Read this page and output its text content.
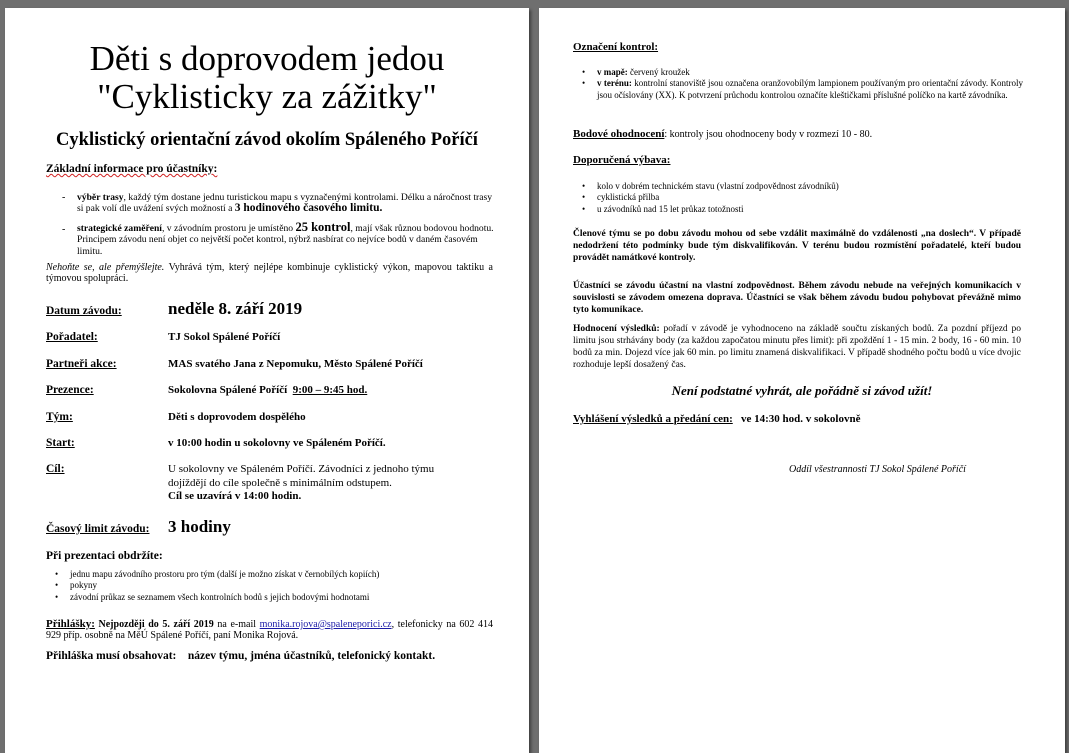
Děti s doprovodem jedou
"Cyklisticky za zážitky"
Cyklistický orientační závod okolím Spáleného Poříčí
Základní informace pro účastníky:
- výběr trasy, každý tým dostane jednu turistickou mapu s vyznačenými kontrolami. Délku a náročnost trasy si pak volí dle uvážení svých možností a 3 hodinového časového limitu.
- strategické zaměření, v závodním prostoru je umístěno 25 kontrol, mají však různou bodovou hodnotu. Principem závodu není objet co největší počet kontrol, nýbrž nasbírat co nejvíce bodů v daném časovém limitu.
Nehoňte se, ale přemýšlejte. Vyhrává tým, který nejlépe kombinuje cyklistický výkon, mapovou taktiku a týmovou spolupráci.
Datum závodu:	neděle 8. září 2019
Pořadatel:	TJ Sokol Spálené Poříčí
Partneři akce:	MAS svatého Jana z Nepomuku, Město Spálené Poříčí
Prezence:	Sokolovna Spálené Poříčí 9:00 – 9:45 hod.
Tým:	Děti s doprovodem dospělého
Start:	v 10:00 hodin u sokolovny ve Spáleném Poříčí.
Cíl:	U sokolovny ve Spáleném Poříčí. Závodníci z jednoho týmu
dojíždějí do cíle společně s minimálním odstupem.
Cíl se uzavírá v 14:00 hodin.
Časový limit závodu: 3 hodiny
Při prezentaci obdržíte:
• jednu mapu závodního prostoru pro tým (další je možno získat v černobílých kopiích)
• pokyny
• závodní průkaz se seznamem všech kontrolních bodů s jejich bodovými hodnotami
Přihlášky: Nejpozději do 5. září 2019 na e-mail monika.rojova@spaleneporici.cz, telefonicky na 602 414 929 příp. osobně na MěÚ Spálené Poříčí, paní Monika Rojová.
Přihláška musí obsahovat: název týmu, jména účastníků, telefonický kontakt.
Označení kontrol:
• v mapě: červený kroužek
• v terénu: kontrolní stanoviště jsou označena oranžovobílým lampionem používaným pro orientační závody. Kontroly jsou očíslovány (XX). K potvrzení průchodu kontrolou označíte kleštičkami příslušné políčko na kartě závodníka.
Bodové ohodnocení: kontroly jsou ohodnoceny body v rozmezí 10 - 80.
Doporučená výbava:
• kolo v dobrém technickém stavu (vlastní zodpovědnost závodníků)
• cyklistická přilba
• u závodníků nad 15 let průkaz totožnosti
Členové týmu se po dobu závodu mohou od sebe vzdálit maximálně do vzdálenosti „na doslech“. V případě nedodržení této podmínky bude tým diskvalifikován. V terénu budou rozmístění pořadatelé, kteří budou provádět namátkové kontroly.
Účastníci se závodu účastní na vlastní zodpovědnost. Během závodu nebude na veřejných komunikacích v souvislosti se závodem omezena doprava. Účastníci se však během závodu budou pohybovat převážně mimo tyto komunikace.
Hodnocení výsledků: pořadí v závodě je vyhodnoceno na základě součtu získaných bodů. Za pozdní příjezd po limitu jsou strhávány body (za každou započatou minutu přes limit): při zpoždění 1 - 15 min. 2 body, 16 - 60 min. 10 bodů za min. Dojezd více jak 60 min. po limitu znamená diskvalifikaci. V případě shodného počtu bodů u více dvojic rozhoduje lepší dosažený čas.
Není podstatné vyhrát, ale pořádně si závod užít!
Vyhlášení výsledků a předání cen: ve 14:30 hod. v sokolovně
Oddíl všestrannosti TJ Sokol Spálené Poříčí
